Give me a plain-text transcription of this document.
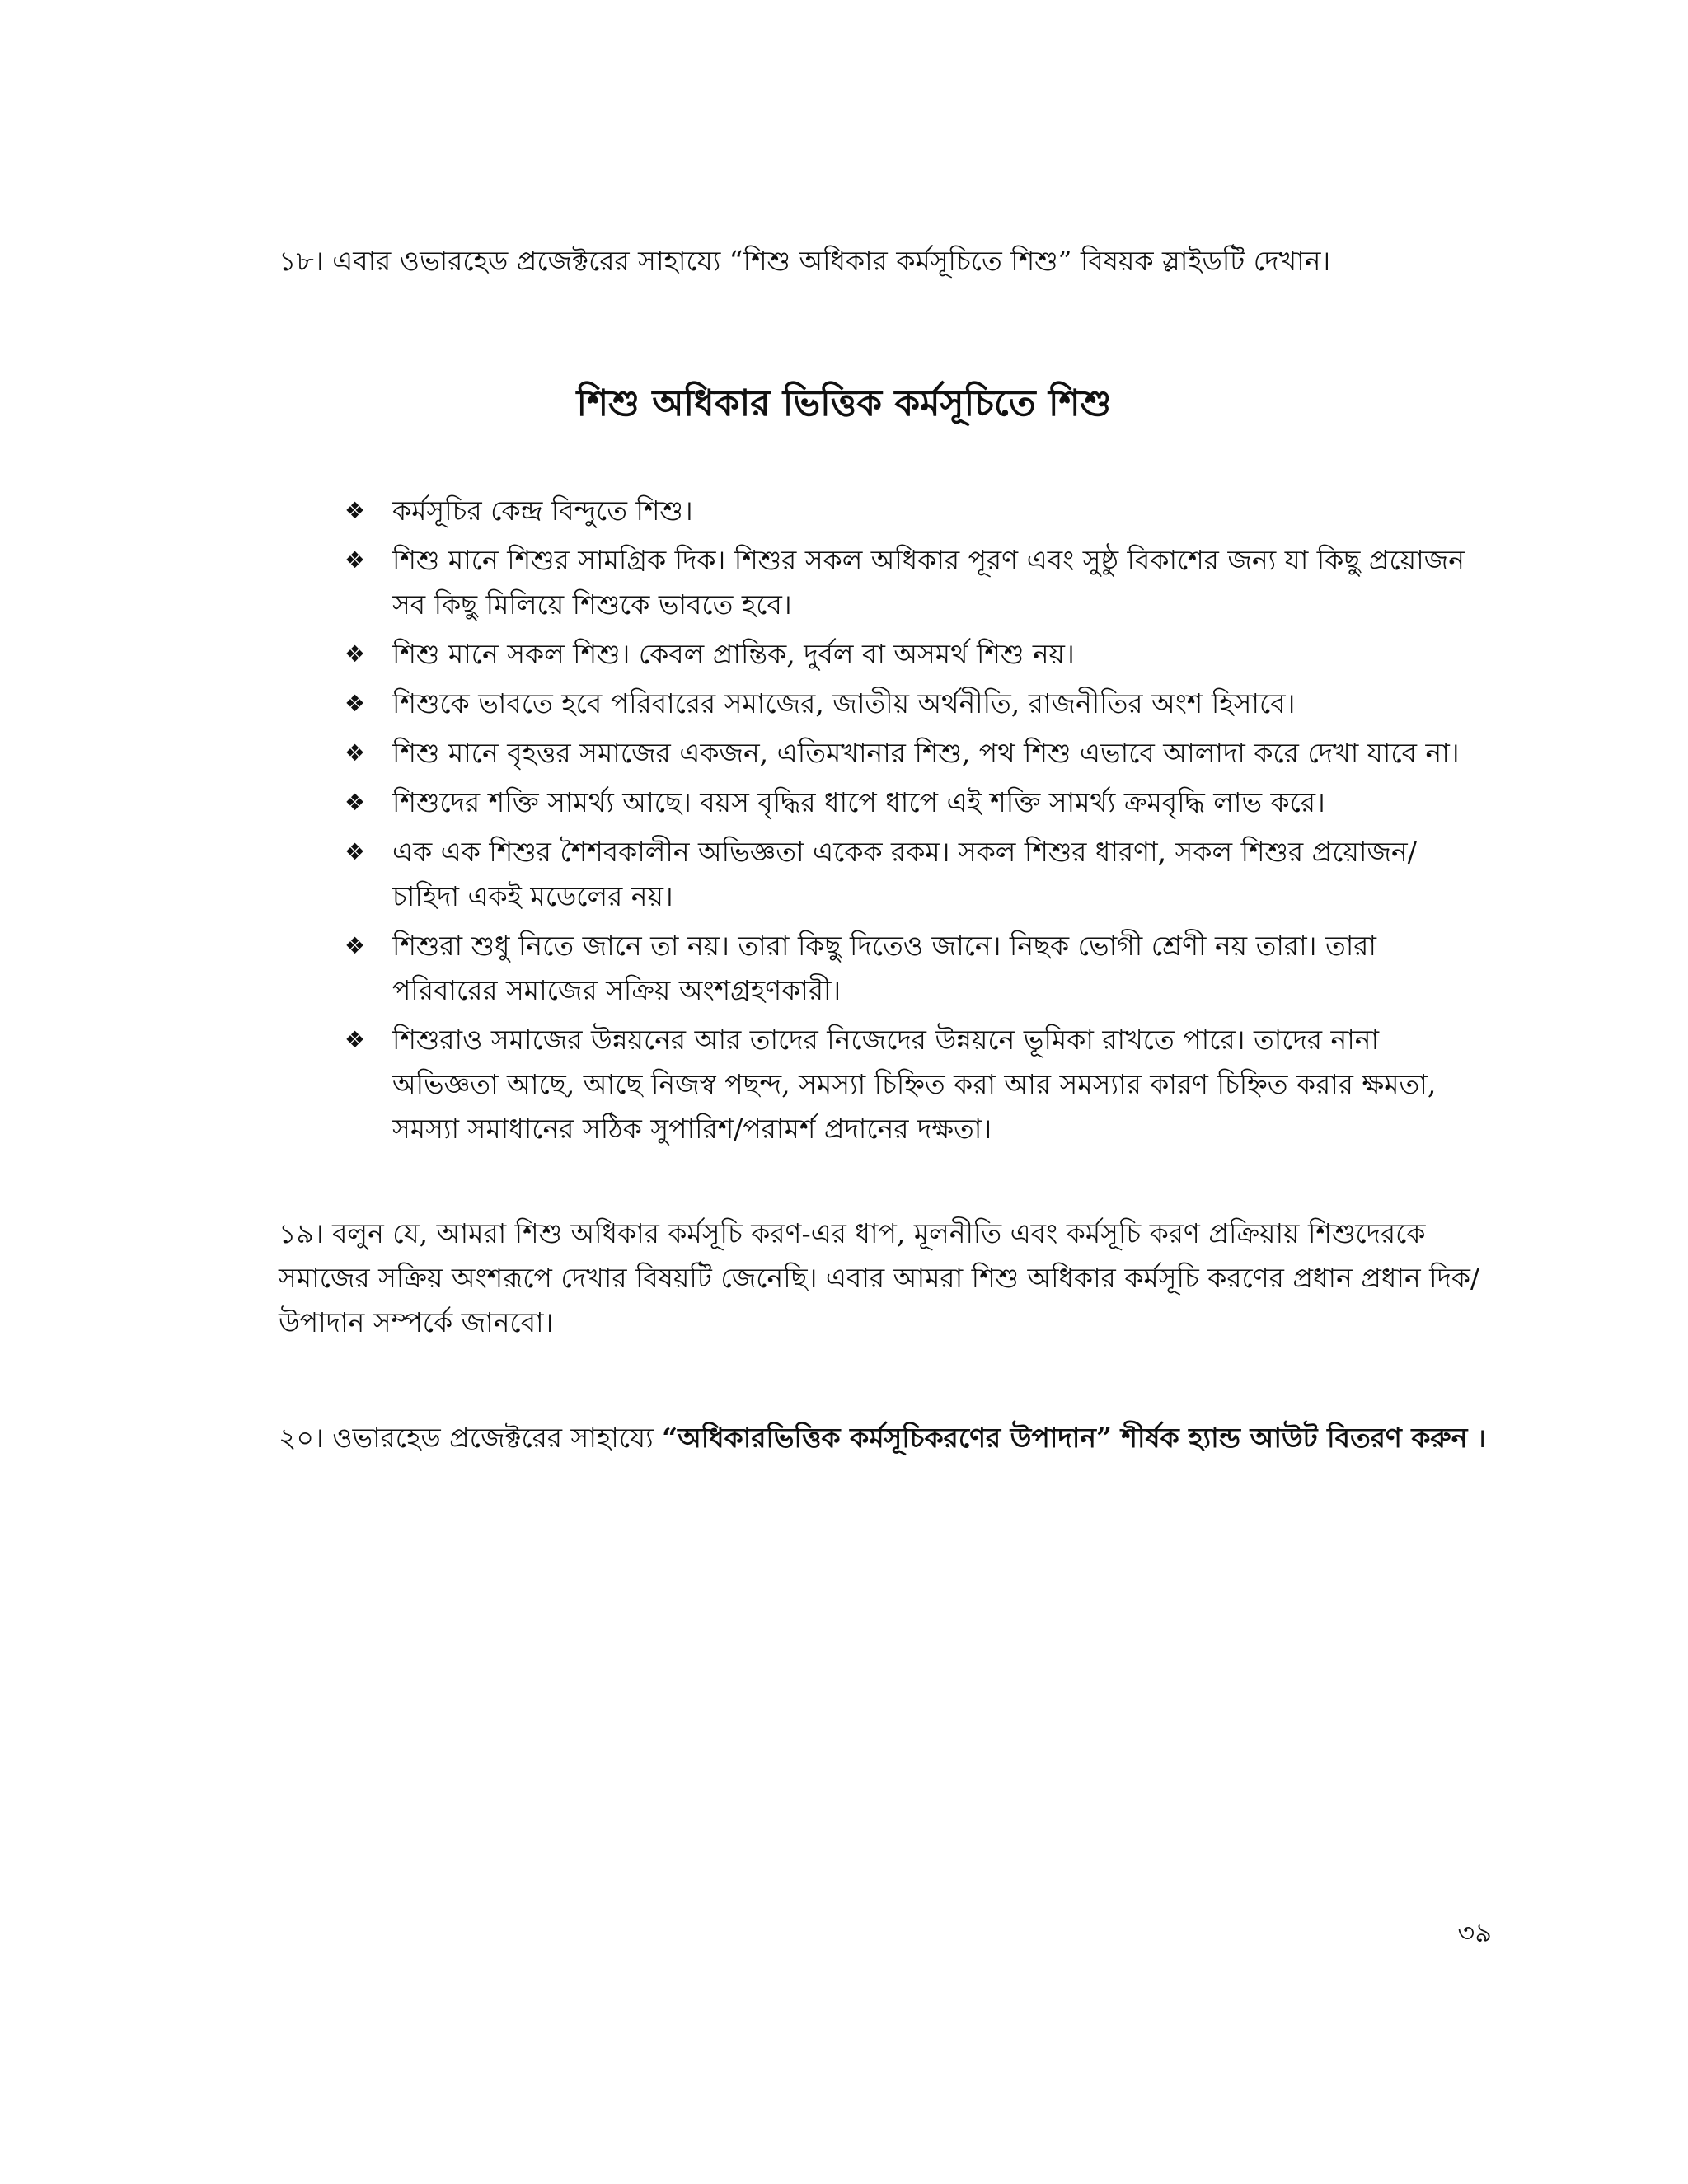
১৮। এবার ওভারহেড প্রজেক্টরের সাহায্যে “শিশু অধিকার কর্মসূচিতে শিশু” বিষয়ক স্লাইডটি দেখান।

শিশু অধিকার ভিত্তিক কর্মসূচিতে শিশু
❖ কর্মসূচির কেন্দ্র বিন্দুতে শিশু।
❖ শিশু মানে শিশুর সামগ্রিক দিক। শিশুর সকল অধিকার পূরণ এবং সুষ্ঠু বিকাশের জন্য যা কিছু প্রয়োজন সব কিছু মিলিয়ে শিশুকে ভাবতে হবে।
❖ শিশু মানে সকল শিশু। কেবল প্রান্তিক, দুর্বল বা অসমর্থ শিশু নয়।
❖ শিশুকে ভাবতে হবে পরিবারের সমাজের, জাতীয় অর্থনীতি, রাজনীতির অংশ হিসাবে।
❖ শিশু মানে বৃহত্তর সমাজের একজন, এতিমখানার শিশু, পথ শিশু এভাবে আলাদা করে দেখা যাবে না।
❖ শিশুদের শক্তি সামর্থ্য আছে। বয়স বৃদ্ধির ধাপে ধাপে এই শক্তি সামর্থ্য ক্রমবৃদ্ধি লাভ করে।
❖ এক এক শিশুর শৈশবকালীন অভিজ্ঞতা একেক রকম। সকল শিশুর ধারণা, সকল শিশুর প্রয়োজন/চাহিদা একই মডেলের নয়।
❖ শিশুরা শুধু নিতে জানে তা নয়। তারা কিছু দিতেও জানে। নিছক ভোগী শ্রেণী নয় তারা। তারা পরিবারের সমাজের সক্রিয় অংশগ্রহণকারী।
❖ শিশুরাও সমাজের উন্নয়নের আর তাদের নিজেদের উন্নয়নে ভূমিকা রাখতে পারে। তাদের নানা অভিজ্ঞতা আছে, আছে নিজস্ব পছন্দ, সমস্যা চিহ্নিত করা আর সমস্যার কারণ চিহ্নিত করার ক্ষমতা, সমস্যা সমাধানের সঠিক সুপারিশ/পরামর্শ প্রদানের দক্ষতা।

১৯। বলুন যে, আমরা শিশু অধিকার কর্মসূচি করণ-এর ধাপ, মূলনীতি এবং কর্মসূচি করণ প্রক্রিয়ায় শিশুদেরকে সমাজের সক্রিয় অংশরূপে দেখার বিষয়টি জেনেছি। এবার আমরা শিশু অধিকার কর্মসূচি করণের প্রধান প্রধান দিক/উপাদান সম্পর্কে জানবো।

২০। ওভারহেড প্রজেক্টরের সাহায্যে “অধিকারভিত্তিক কর্মসূচিকরণের উপাদান” শীর্ষক হ্যান্ড আউট বিতরণ করুন ।

৩৯
